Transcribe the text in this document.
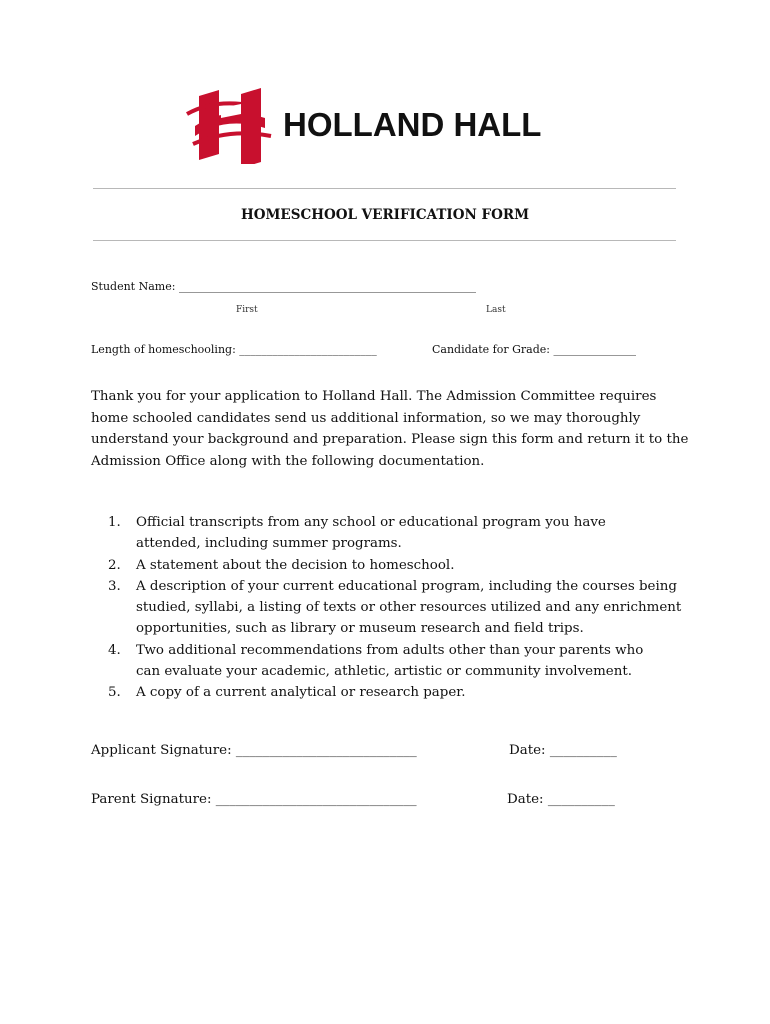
HOLLAND HALL
HOMESCHOOL VERIFICATION FORM
Student Name: ______________________________________________________
First	Last
Length of homeschooling: _________________________	Candidate for Grade: _______________
Thank you for your application to Holland Hall. The Admission Committee requires
home schooled candidates send us additional information, so we may thoroughly
understand your background and preparation. Please sign this form and return it to the
Admission Office along with the following documentation.
1.	Official transcripts from any school or educational program you have
attended, including summer programs.
2.	A statement about the decision to homeschool.
3.	A description of your current educational program, including the courses being
studied, syllabi, a listing of texts or other resources utilized and any enrichment
opportunities, such as library or museum research and field trips.
4.	Two additional recommendations from adults other than your parents who
can evaluate your academic, athletic, artistic or community involvement.
5.	A copy of a current analytical or research paper.
Applicant Signature: ___________________________	Date: __________
Parent Signature: ______________________________	Date: __________
